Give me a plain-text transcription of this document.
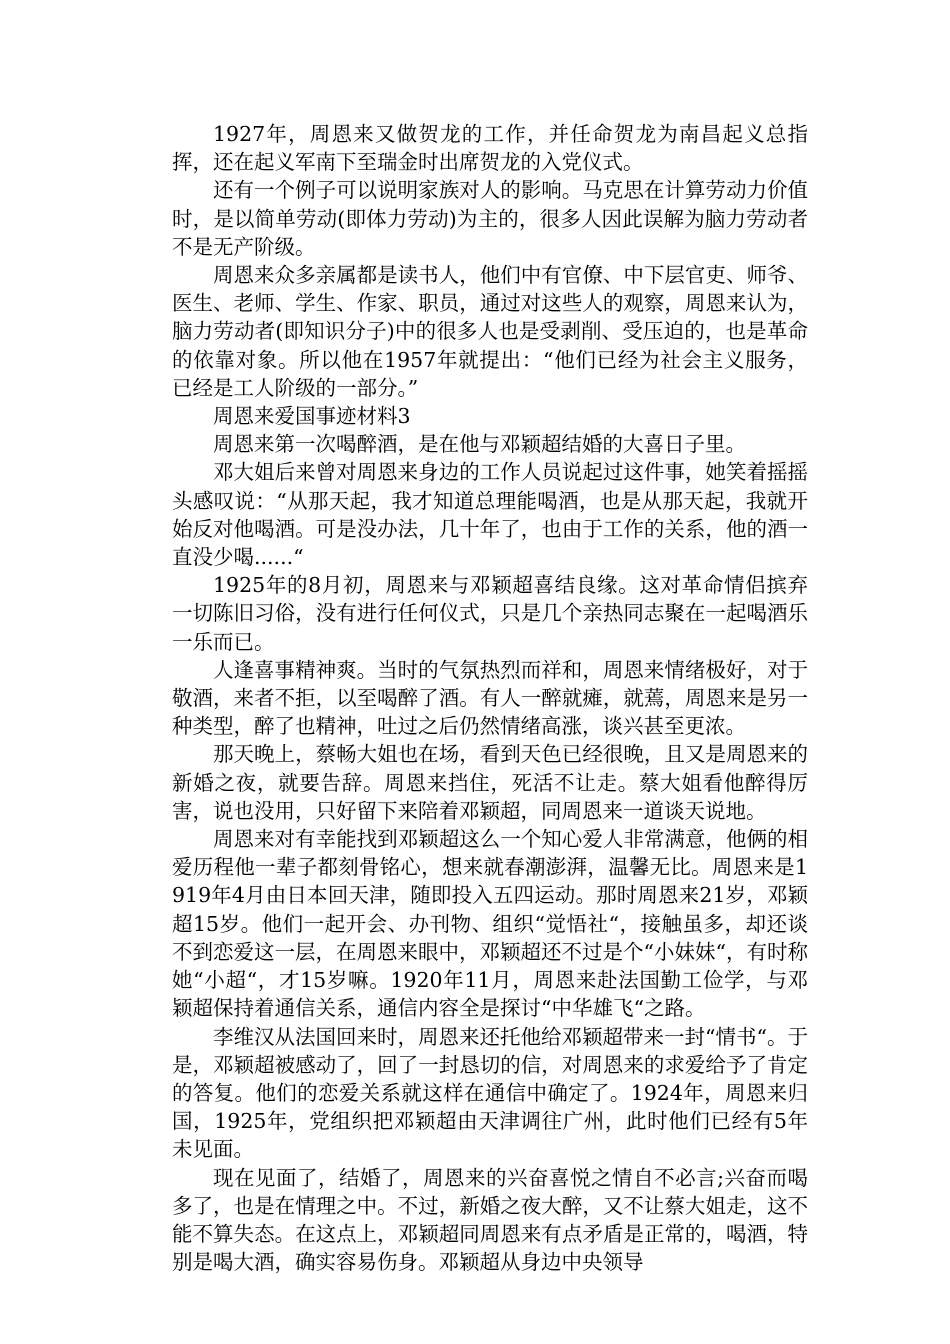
1927年，周恩来又做贺龙的工作，并任命贺龙为南昌起义总指挥，还在起义军南下至瑞金时出席贺龙的入党仪式。

还有一个例子可以说明家族对人的影响。马克思在计算劳动力价值时，是以简单劳动(即体力劳动)为主的，很多人因此误解为脑力劳动者不是无产阶级。

周恩来众多亲属都是读书人，他们中有官僚、中下层官吏、师爷、医生、老师、学生、作家、职员，通过对这些人的观察，周恩来认为，脑力劳动者(即知识分子)中的很多人也是受剥削、受压迫的，也是革命的依靠对象。所以他在1957年就提出：“他们已经为社会主义服务，已经是工人阶级的一部分。”

周恩来爱国事迹材料3

周恩来第一次喝醉酒，是在他与邓颖超结婚的大喜日子里。

邓大姐后来曾对周恩来身边的工作人员说起过这件事，她笑着摇摇头感叹说：“从那天起，我才知道总理能喝酒，也是从那天起，我就开始反对他喝酒。可是没办法，几十年了，也由于工作的关系，他的酒一直没少喝......“

1925年的8月初，周恩来与邓颖超喜结良缘。这对革命情侣摈弃一切陈旧习俗，没有进行任何仪式，只是几个亲热同志聚在一起喝酒乐一乐而已。

人逢喜事精神爽。当时的气氛热烈而祥和，周恩来情绪极好，对于敬酒，来者不拒，以至喝醉了酒。有人一醉就瘫，就蔫，周恩来是另一种类型，醉了也精神，吐过之后仍然情绪高涨，谈兴甚至更浓。

那天晚上，蔡畅大姐也在场，看到天色已经很晚，且又是周恩来的新婚之夜，就要告辞。周恩来挡住，死活不让走。蔡大姐看他醉得厉害，说也没用，只好留下来陪着邓颖超，同周恩来一道谈天说地。

周恩来对有幸能找到邓颖超这么一个知心爱人非常满意，他俩的相爱历程他一辈子都刻骨铭心，想来就春潮澎湃，温馨无比。周恩来是1919年4月由日本回天津，随即投入五四运动。那时周恩来21岁，邓颖超15岁。他们一起开会、办刊物、组织“觉悟社“，接触虽多，却还谈不到恋爱这一层，在周恩来眼中，邓颖超还不过是个“小妹妹“，有时称她“小超“，才15岁嘛。1920年11月，周恩来赴法国勤工俭学，与邓颖超保持着通信关系，通信内容全是探讨“中华雄飞“之路。

李维汉从法国回来时，周恩来还托他给邓颖超带来一封“情书“。于是，邓颖超被感动了，回了一封恳切的信，对周恩来的求爱给予了肯定的答复。他们的恋爱关系就这样在通信中确定了。1924年，周恩来归国，1925年，党组织把邓颖超由天津调往广州，此时他们已经有5年未见面。

现在见面了，结婚了，周恩来的兴奋喜悦之情自不必言;兴奋而喝多了，也是在情理之中。不过，新婚之夜大醉，又不让蔡大姐走，这不能不算失态。在这点上，邓颖超同周恩来有点矛盾是正常的，喝酒，特别是喝大酒，确实容易伤身。邓颖超从身边中央领导
